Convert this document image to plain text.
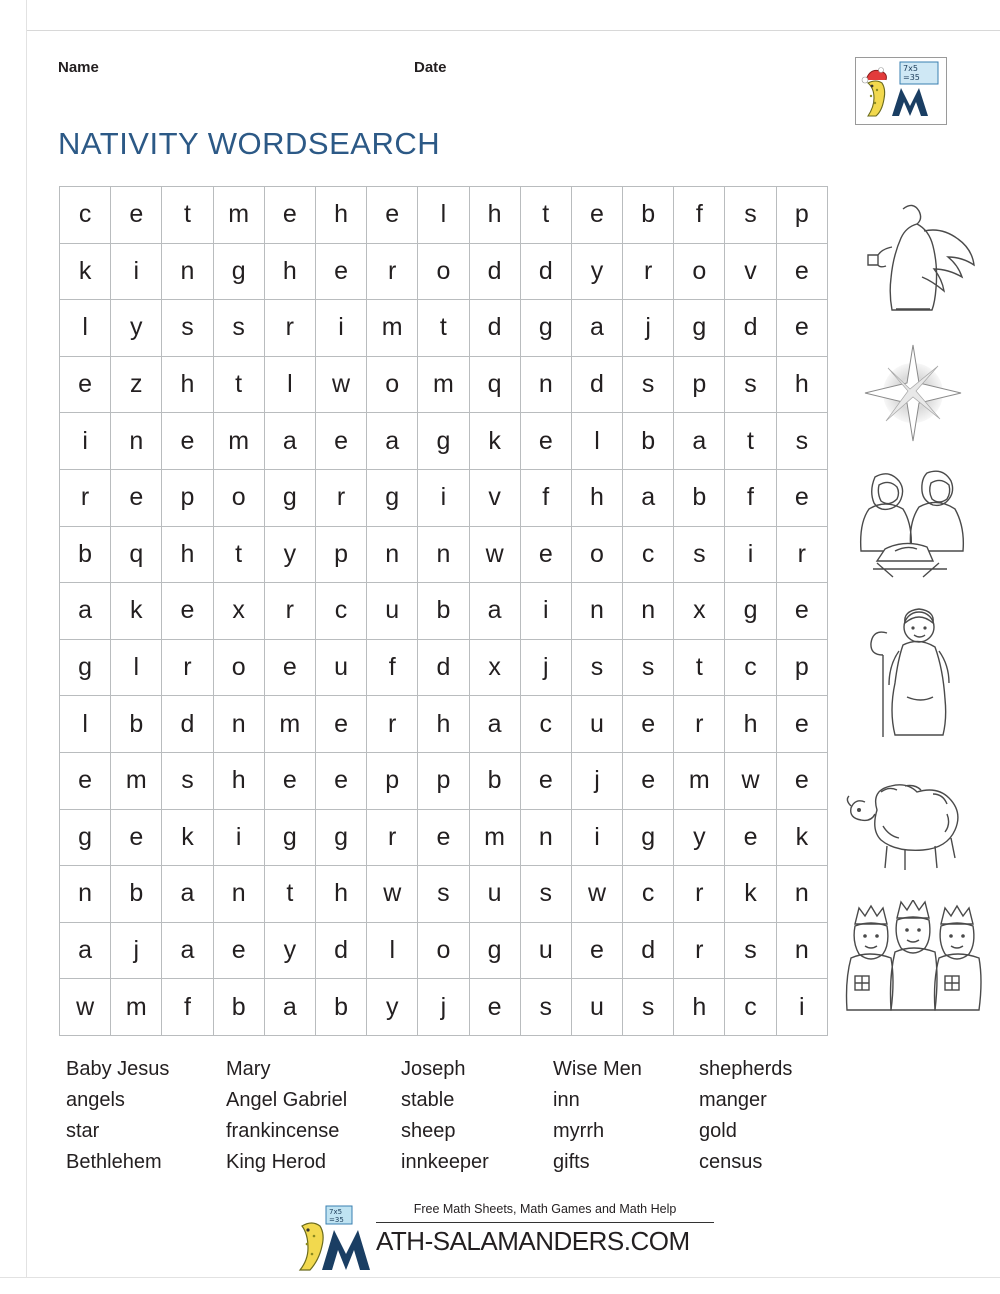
Name	Date	7x5
=35
NATIVITY WORDSEARCH
c	e	t	m	e	h	e	l	h	t	e	b	f	s	p
k	i	n	g	h	e	r	o	d	d	y	r	o	v	e
l	y	s	s	r	i	m	t	d	g	a	j	g	d	e
e	z	h	t	l	w	o	m	q	n	d	s	p	s	h
i	n	e	m	a	e	a	g	k	e	l	b	a	t	s
r	e	p	o	g	r	g	i	v	f	h	a	b	f	e
b	q	h	t	y	p	n	n	w	e	o	c	s	i	r
a	k	e	x	r	c	u	b	a	i	n	n	x	g	e
g	l	r	o	e	u	f	d	x	j	s	s	t	c	p
l	b	d	n	m	e	r	h	a	c	u	e	r	h	e
e	m	s	h	e	e	p	p	b	e	j	e	m	w	e
g	e	k	i	g	g	r	e	m	n	i	g	y	e	k
n	b	a	n	t	h	w	s	u	s	w	c	r	k	n
a	j	a	e	y	d	l	o	g	u	e	d	r	s	n
w	m	f	b	a	b	y	j	e	s	u	s	h	c	i
Baby Jesus	Mary	Joseph	Wise Men	shepherds
angels	Angel Gabriel	stable	inn	manger
star	frankincense	sheep	myrrh	gold
Bethlehem	King Herod	innkeeper	gifts	census
7x5
=35
Free Math Sheets, Math Games and Math Help
ATH-SALAMANDERS.COM
